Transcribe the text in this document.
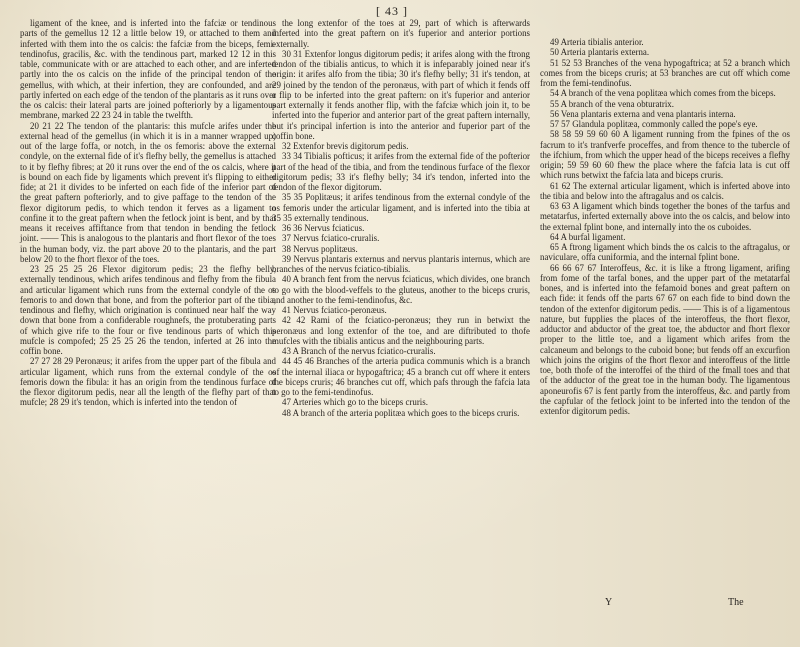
[ 43 ]

ligament of the knee, and is inferted into the fafciæ or tendinous parts of the gemellus 12 12 a little below 19, or attached to them and inferted with them into the os calcis: the fafciæ from the biceps, femi-tendinofus, gracilis, &c. with the tendinous part, marked 12 12 in this table, communicate with or are attached to each other, and are inferted partly into the os calcis on the infide of the principal tendon of the gemellus, with which, at their infertion, they are confounded, and are partly inferted on each edge of the tendon of the plantaris as it runs over the os calcis: their lateral parts are joined pofteriorly by a ligamentous membrane, marked 22 23 24 in table the twelfth.

20 21 22 The tendon of the plantaris: this mufcle arifes under the external head of the gemellus (in which it is in a manner wrapped up) out of the large foffa, or notch, in the os femoris: above the external condyle, on the external fide of it's flefhy belly, the gemellus is attached to it by flefhy fibres; at 20 it runs over the end of the os calcis, where it is bound on each fide by ligaments which prevent it's flipping to either fide; at 21 it divides to be inferted on each fide of the inferior part of the great paftern pofteriorly, and to give paffage to the tendon of the flexor digitorum pedis, to which tendon it ferves as a ligament to confine it to the great paftern when the fetlock joint is bent, and by that means it receives affiftance from that tendon in bending the fetlock joint. —— This is analogous to the plantaris and fhort flexor of the toes in the human body, viz. the part above 20 to the plantaris, and the part below 20 to the fhort flexor of the toes.

23 25 25 25 26 Flexor digitorum pedis; 23 the flefhy belly, externally tendinous, which arifes tendinous and flefhy from the fibula and articular ligament which runs from the external condyle of the os femoris to and down that bone, and from the pofterior part of the tibia, tendinous and flefhy, which origination is continued near half the way down that bone from a confiderable roughnefs, the protuberating parts of which give rife to the four or five tendinous parts of which this mufcle is compofed; 25 25 25 26 the tendon, inferted at 26 into the coffin bone.

27 27 28 29 Peronæus; it arifes from the upper part of the fibula and articular ligament, which runs from the external condyle of the os femoris down the fibula: it has an origin from the tendinous furface of the flexor digitorum pedis, near all the length of the flefhy part of that mufcle; 28 29 it's tendon, which is inferted into the tendon of

the long extenfor of the toes at 29, part of which is afterwards inferted into the great paftern on it's fuperior and anterior portions externally.

30 31 Extenfor longus digitorum pedis; it arifes along with the ftrong tendon of the tibialis anticus, to which it is infeparably joined near it's origin: it arifes alfo from the tibia; 30 it's flefhy belly; 31 it's tendon, at 29 joined by the tendon of the peronæus, with part of which it fends off a flip to be inferted into the great paftern: on it's fuperior and anterior part externally it fends another flip, with the fafciæ which join it, to be inferted into the fuperior and anterior part of the great paftern internally, but it's principal infertion is into the anterior and fuperior part of the coffin bone.

32 Extenfor brevis digitorum pedis.

33 34 Tibialis pofticus; it arifes from the external fide of the pofterior part of the head of the tibia, and from the tendinous furface of the flexor digitorum pedis; 33 it's flefhy belly; 34 it's tendon, inferted into the tendon of the flexor digitorum.

35 35 Poplitæus; it arifes tendinous from the external condyle of the os femoris under the articular ligament, and is inferted into the tibia at 35 35 externally tendinous.

36 36 Nervus fciaticus.

37 Nervus fciatico-cruralis.

38 Nervus poplitæus.

39 Nervus plantaris externus and nervus plantaris internus, which are branches of the nervus fciatico-tibialis.

40 A branch fent from the nervus fciaticus, which divides, one branch to go with the blood-veffels to the gluteus, another to the biceps cruris, and another to the femi-tendinofus, &c.

41 Nervus fciatico-peronæus.

42 42 Rami of the fciatico-peronæus; they run in betwixt the peronæus and long extenfor of the toe, and are diftributed to thofe mufcles with the tibialis anticus and the neighbouring parts.

43 A Branch of the nervus fciatico-cruralis.

44 45 46 Branches of the arteria pudica communis which is a branch of the internal iliaca or hypogaftrica; 45 a branch cut off where it enters the biceps cruris; 46 branches cut off, which pafs through the fafcia lata to go to the femi-tendinofus.

47 Arteries which go to the biceps cruris.

48 A branch of the arteria poplitæa which goes to the biceps cruris.

49 Arteria tibialis anterior.

50 Arteria plantaris externa.

51 52 53 Branches of the vena hypogaftrica; at 52 a branch which comes from the biceps cruris; at 53 branches are cut off which come from the femi-tendinofus.

54 A branch of the vena poplitæa which comes from the biceps.

55 A branch of the vena obturatrix.

56 Vena plantaris externa and vena plantaris interna.

57 57 Glandula poplitæa, commonly called the pope's eye.

58 58 59 59 60 60 A ligament running from the fpines of the os facrum to it's tranfverfe proceffes, and from thence to the tubercle of the ifchium, from which the upper head of the biceps receives a flefhy origin; 59 59 60 60 fhew the place where the fafcia lata is cut off which runs betwixt the fafcia lata and biceps cruris.

61 62 The external articular ligament, which is inferted above into the tibia and below into the aftragalus and os calcis.

63 63 A ligament which binds together the bones of the tarfus and metatarfus, inferted externally above into the os calcis, and below into the external fplint bone, and internally into the os cuboides.

64 A burfal ligament.

65 A ftrong ligament which binds the os calcis to the aftragalus, or naviculare, offa cuniformia, and the internal fplint bone.

66 66 67 67 Interoffeus, &c. it is like a ftrong ligament, arifing from fome of the tarfal bones, and the upper part of the metatarfal bones, and is inferted into the fefamoid bones and great paftern on each fide: it fends off the parts 67 67 on each fide to bind down the tendon of the extenfor digitorum pedis. —— This is of a ligamentous nature, but fupplies the places of the interoffeus, the fhort flexor, adductor and abductor of the great toe, the abductor and fhort flexor proper to the little toe, and a ligament which arifes from the calcaneum and belongs to the cuboid bone; but fends off an excurfion which joins the origins of the fhort flexor and interoffeus of the little toe, both thofe of the interoffei of the third of the fmall toes and that of the adductor of the great toe in the human body. The ligamentous aponeurofis 67 is fent partly from the interoffeus, &c. and partly from the capfular of the fetlock joint to be inferted into the tendon of the extenfor digitorum pedis.

Y	The
